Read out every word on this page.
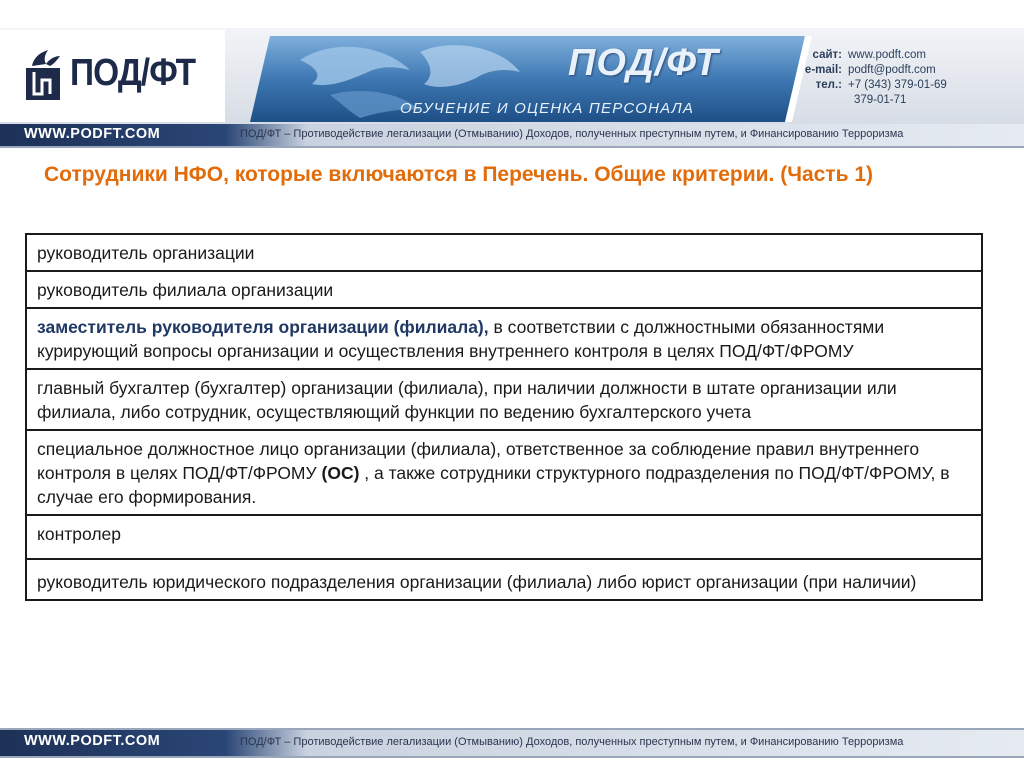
ПОД/ФТ	ПОД/ФТ
ОБУЧЕНИЕ И ОЦЕНКА ПЕРСОНАЛА
сайт: www.podft.com
e-mail: podft@podft.com
тел.: +7 (343) 379-01-69
379-01-71
WWW.PODFT.COM	ПОД/ФТ – Противодействие легализации (Отмыванию) Доходов, полученных преступным путем, и Финансированию Терроризма
Сотрудники НФО, которые включаются в Перечень. Общие критерии. (Часть 1)
руководитель организации
руководитель филиала организации
заместитель руководителя организации (филиала), в соответствии с должностными обязанностями курирующий вопросы организации и осуществления внутреннего контроля в целях ПОД/ФТ/ФРОМУ
главный бухгалтер (бухгалтер) организации (филиала), при наличии должности в штате организации или филиала, либо сотрудник, осуществляющий функции по ведению бухгалтерского учета
специальное должностное лицо организации (филиала), ответственное за соблюдение правил внутреннего контроля в целях ПОД/ФТ/ФРОМУ (ОС) , а также сотрудники структурного подразделения по ПОД/ФТ/ФРОМУ, в случае его формирования.
контролер
руководитель юридического подразделения организации (филиала) либо юрист организации (при наличии)
WWW.PODFT.COM	ПОД/ФТ – Противодействие легализации (Отмыванию) Доходов, полученных преступным путем, и Финансированию Терроризма
